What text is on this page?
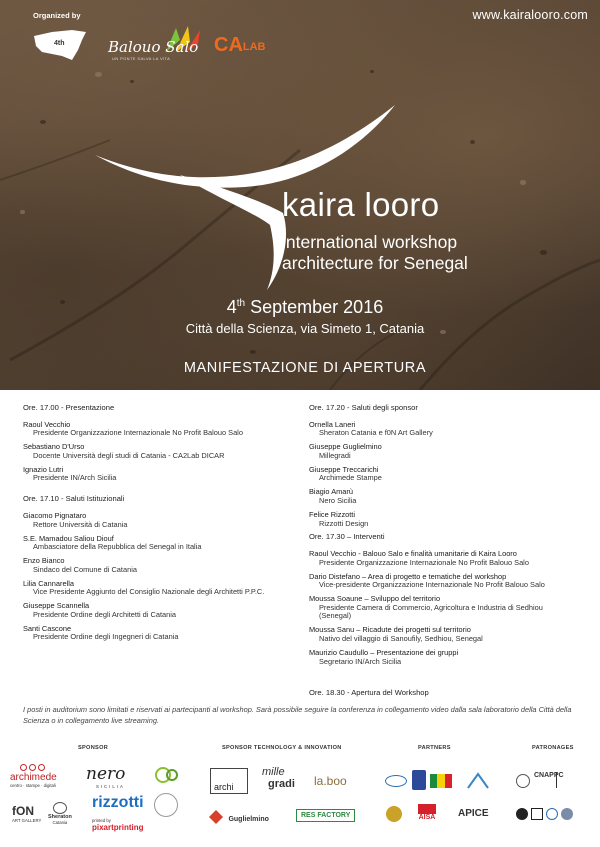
Organized by	www.kairalooro.com
4th	Balouo Salo
UN PONTE SALVA LA VITA
CALAB
kaira looro
international workshop
architecture for Senegal
4th September 2016
Città della Scienza, via Simeto 1, Catania
MANIFESTAZIONE DI APERTURA
Ore. 17.00 - Presentazione
Raoul Vecchio
Presidente Organizzazione Internazionale No Profit Balouo Salo
Sebastiano D'Urso
Docente Università degli studi di Catania - CA2Lab DICAR
Ignazio Lutri
Presidente IN/Arch Sicilia
Ore. 17.10 - Saluti Istituzionali
Giacomo Pignataro
Rettore Università di Catania
S.E. Mamadou Saliou Diouf
Ambasciatore della Repubblica del Senegal in Italia
Enzo Bianco
Sindaco del Comune di Catania
Lilia Cannarella
Vice Presidente Aggiunto del Consiglio Nazionale degli Architetti P.P.C.
Giuseppe Scannella
Presidente Ordine degli Architetti di Catania
Santi Cascone
Presidente Ordine degli Ingegneri di Catania
Ore. 17.20 - Saluti degli sponsor
Ornella Laneri
Sheraton Catania e f0N Art Gallery
Giuseppe Guglielmino
Millegradi
Giuseppe Treccarichi
Archimede Stampe
Biagio Amarù
Nero Sicilia
Felice Rizzotti
Rizzotti Design
Ore. 17.30 – Interventi
Raoul Vecchio - Balouo Salo e finalità umanitarie di Kaira Looro
Presidente Organizzazione Internazionale No Profit Balouo Salo
Dario Distefano – Area di progetto e tematiche del workshop
Vice-presidente Organizzazione Internazionale No Profit Balouo Salo
Moussa Soaune – Sviluppo del territorio
Presidente Camera di Commercio, Agricoltura e Industria di Sedhiou
(Senegal)
Moussa Sanu – Ricadute dei progetti sul territorio
Nativo del villaggio di Sanoufily, Sedhiou, Senegal
Maurizio Caudullo – Presentazione dei gruppi
Segretario IN/Arch Sicilia
Ore. 18.30 - Apertura del Workshop
I posti in auditorium sono limitati e riservati ai partecipanti al workshop. Sarà possibile seguire la conferenza in collegamento video dalla sala laboratorio della Città della Scienza o in collegamento live streaming.
SPONSOR	SPONSOR TECHNOLOGY & INNOVATION	PARTNERS	PATRONAGES
archimede
centro · stampe · digitali
nero
SICILIA
rizzotti
fON
ART GALLERY
Sheraton
Catania	printed by
pixartprinting
archi
mille
gradi la.boo
Guglielmino
RES FACTORY	AISA APICE
CNAPPC
